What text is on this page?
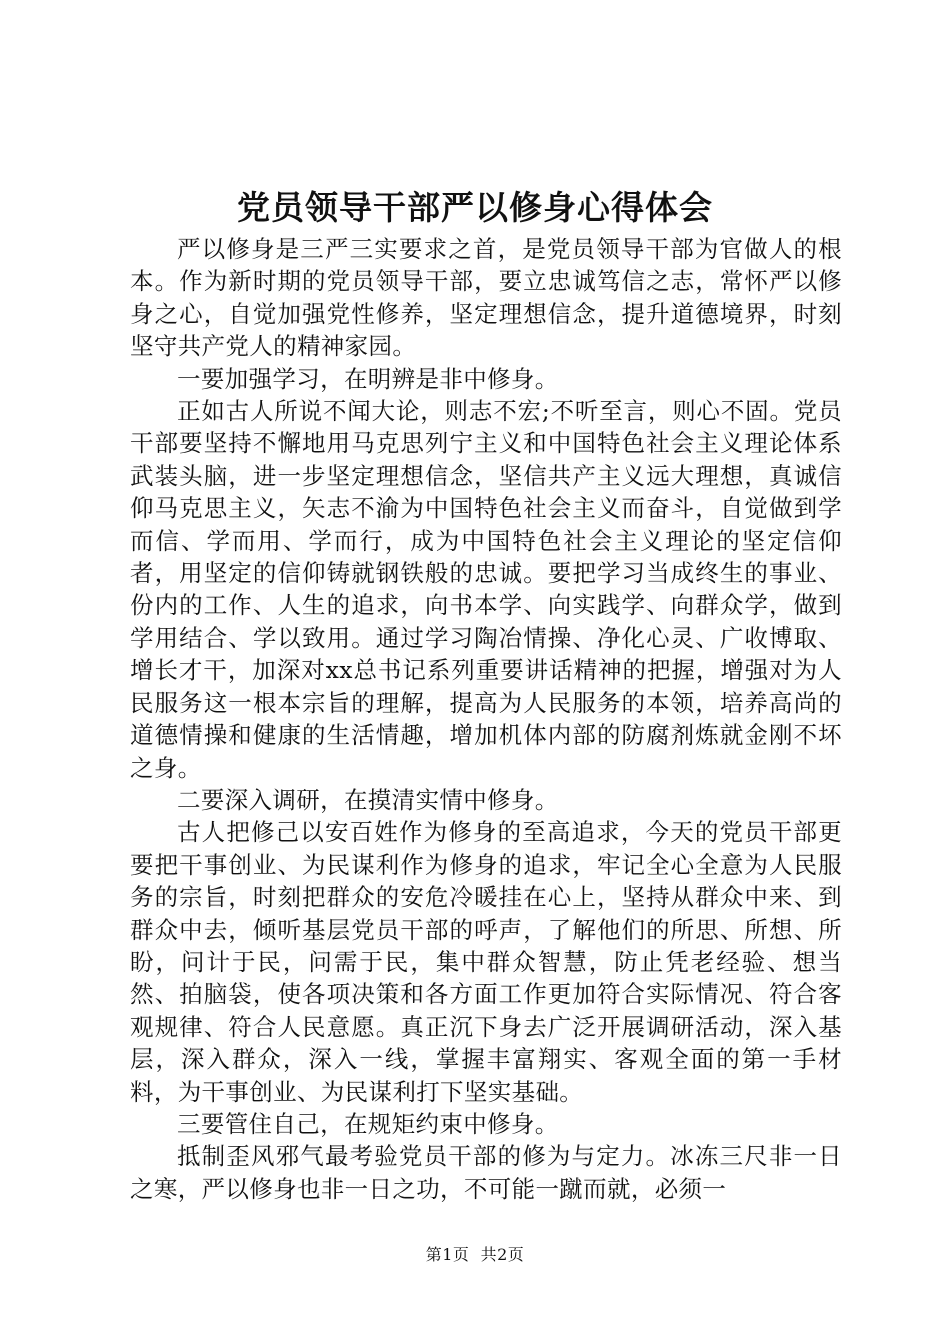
党员领导干部严以修身心得体会

严以修身是三严三实要求之首，是党员领导干部为官做人的根本。作为新时期的党员领导干部，要立忠诚笃信之志，常怀严以修身之心，自觉加强党性修养，坚定理想信念，提升道德境界，时刻坚守共产党人的精神家园。

一要加强学习，在明辨是非中修身。

正如古人所说不闻大论，则志不宏;不听至言，则心不固。党员干部要坚持不懈地用马克思列宁主义和中国特色社会主义理论体系武装头脑，进一步坚定理想信念，坚信共产主义远大理想，真诚信仰马克思主义，矢志不渝为中国特色社会主义而奋斗，自觉做到学而信、学而用、学而行，成为中国特色社会主义理论的坚定信仰者，用坚定的信仰铸就钢铁般的忠诚。要把学习当成终生的事业、份内的工作、人生的追求，向书本学、向实践学、向群众学，做到学用结合、学以致用。通过学习陶冶情操、净化心灵、广收博取、增长才干，加深对xx总书记系列重要讲话精神的把握，增强对为人民服务这一根本宗旨的理解，提高为人民服务的本领，培养高尚的道德情操和健康的生活情趣，增加机体内部的防腐剂炼就金刚不坏之身。

二要深入调研，在摸清实情中修身。

古人把修己以安百姓作为修身的至高追求，今天的党员干部更要把干事创业、为民谋利作为修身的追求，牢记全心全意为人民服务的宗旨，时刻把群众的安危冷暖挂在心上，坚持从群众中来、到群众中去，倾听基层党员干部的呼声，了解他们的所思、所想、所盼，问计于民，问需于民，集中群众智慧，防止凭老经验、想当然、拍脑袋，使各项决策和各方面工作更加符合实际情况、符合客观规律、符合人民意愿。真正沉下身去广泛开展调研活动，深入基层，深入群众，深入一线，掌握丰富翔实、客观全面的第一手材料，为干事创业、为民谋利打下坚实基础。

三要管住自己，在规矩约束中修身。

抵制歪风邪气最考验党员干部的修为与定力。冰冻三尺非一日之寒，严以修身也非一日之功，不可能一蹴而就，必须一

第1页  共2页
